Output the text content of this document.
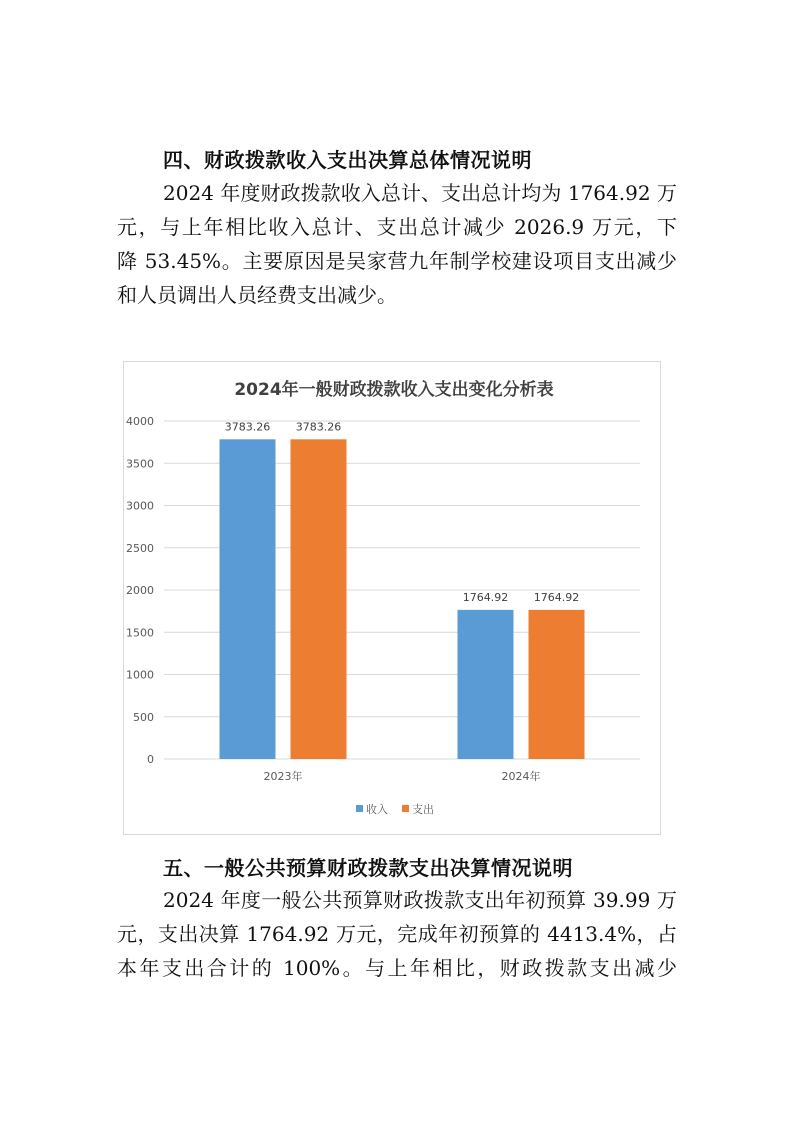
四、财政拨款收入支出决算总体情况说明
2024 年度财政拨款收入总计、支出总计均为 1764.92 万
元，与上年相比收入总计、支出总计减少 2026.9 万元，下
降 53.45%。主要原因是吴家营九年制学校建设项目支出减少
和人员调出人员经费支出减少。
2024年一般财政拨款收入支出变化分析表
0
500
1000
1500
2000
2500
3000
3500
4000	3783.26 3783.26
1764.92 1764.92
2023年	2024年
收入 支出
五、一般公共预算财政拨款支出决算情况说明
2024 年度一般公共预算财政拨款支出年初预算 39.99 万
元，支出决算 1764.92 万元，完成年初预算的 4413.4%，占
本年支出合计的 100%。与上年相比，财政拨款支出减少
